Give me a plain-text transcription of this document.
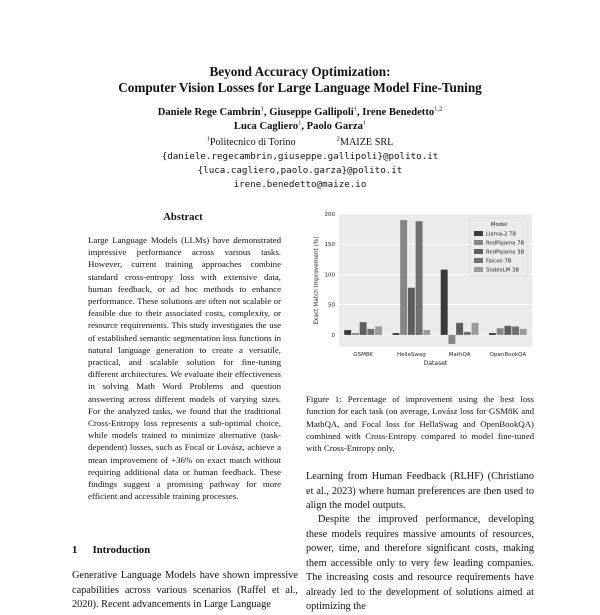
Beyond Accuracy Optimization:
Computer Vision Losses for Large Language Model Fine-Tuning
Daniele Rege Cambrin$^1$, Giuseppe Gallipoli$^1$, Irene Benedetto$^{1,2}$
Luca Cagliero$^1$, Paolo Garza$^1$
$^1$Politecnico di Torino	$^2$MAIZE SRL
{daniele.regecambrin,giuseppe.gallipoli}@polito.it
{luca.cagliero,paolo.garza}@polito.it
irene.benedetto@maize.io
Abstract
Large Language Models (LLMs) have demonstrated impressive performance across various tasks. However, current training approaches combine standard cross-entropy loss with extensive data, human feedback, or ad hoc methods to enhance performance. These solutions are often not scalable or feasible due to their associated costs, complexity, or resource requirements. This study investigates the use of established semantic segmentation loss functions in natural language generation to create a versatile, practical, and scalable solution for fine-tuning different architectures. We evaluate their effectiveness in solving Math Word Problems and question answering across different models of varying sizes. For the analyzed tasks, we found that the traditional Cross-Entropy loss represents a sub-optimal choice, while models trained to minimize alternative (task-dependent) losses, such as Focal or Lovász, achieve a mean improvement of +36% on exact match without requiring additional data or human feedback. These findings suggest a promising pathway for more efficient and accessible training processes.
1 Introduction
Generative Language Models have shown impressive capabilities across various scenarios (Raffel et al., 2020). Recent advancements in Large Language
0
50
100
150
200
GSM8K	HellaSwag	MathQA	OpenBookQA
Dataset
Exact Match Improvement (%)
Model
Llama-2 7B
RedPajama 7B
RedPajama 3B
Falcon 7B
StableLM 3B
Figure 1: Percentage of improvement using the best loss function for each task (on average, Lovász loss for GSM8K and MathQA, and Focal loss for HellaSwag and OpenBookQA) combined with Cross-Entropy compared to model fine-tuned with Cross-Entropy only.
Learning from Human Feedback (RLHF) (Christiano et al., 2023) where human preferences are then used to align the model outputs.
Despite the improved performance, developing these models requires massive amounts of resources, power, time, and therefore significant costs, making them accessible only to very few leading companies. The increasing costs and resource requirements have already led to the development of solutions aimed at optimizing the
